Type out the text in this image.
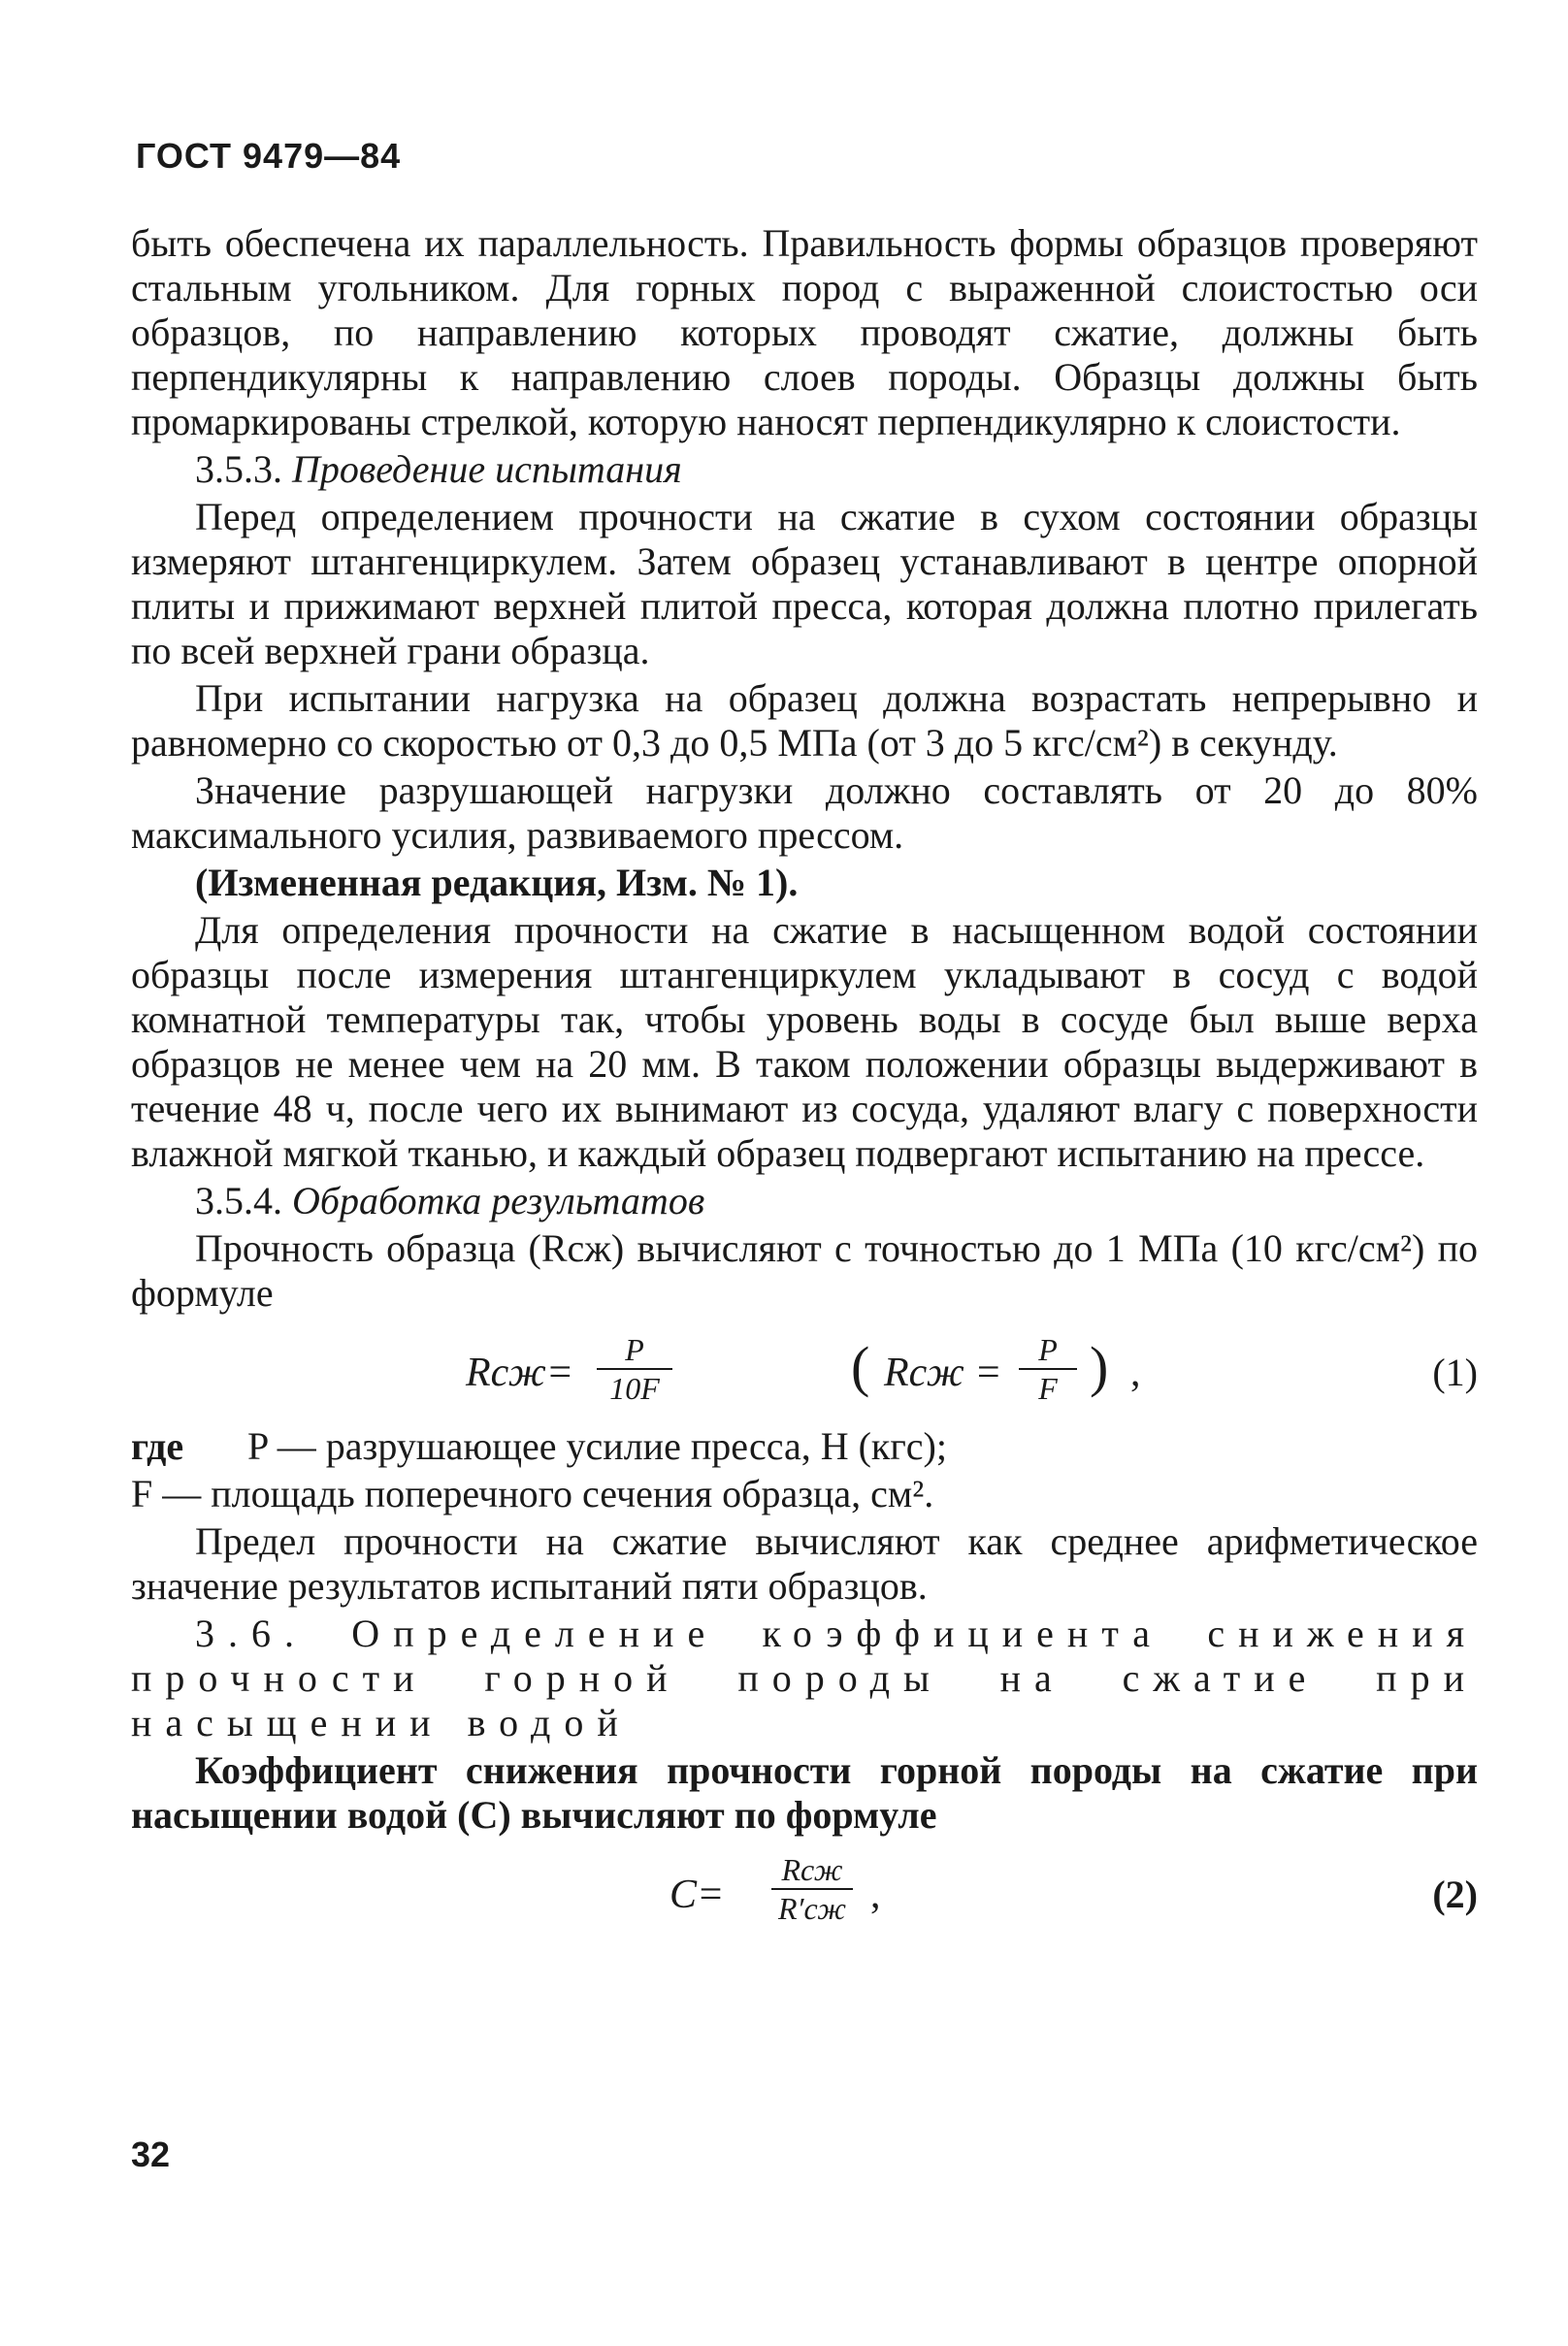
ГОСТ 9479—84

быть обеспечена их параллельность. Правильность формы образцов проверяют стальным угольником. Для горных пород с выраженной слоистостью оси образцов, по направлению которых проводят сжатие, должны быть перпендикулярны к направлению слоев породы. Образцы должны быть промаркированы стрелкой, которую наносят перпендикулярно к слоистости.

3.5.3. Проведение испытания

Перед определением прочности на сжатие в сухом состоянии образцы измеряют штангенциркулем. Затем образец устанавливают в центре опорной плиты и прижимают верхней плитой пресса, которая должна плотно прилегать по всей верхней грани образца.

При испытании нагрузка на образец должна возрастать непрерывно и равномерно со скоростью от 0,3 до 0,5 МПа (от 3 до 5 кгс/см²) в секунду.

Значение разрушающей нагрузки должно составлять от 20 до 80% максимального усилия, развиваемого прессом.

(Измененная редакция, Изм. № 1).

Для определения прочности на сжатие в насыщенном водой состоянии образцы после измерения штангенциркулем укладывают в сосуд с водой комнатной температуры так, чтобы уровень воды в сосуде был выше верха образцов не менее чем на 20 мм. В таком положении образцы выдерживают в течение 48 ч, после чего их вынимают из сосуда, удаляют влагу с поверхности влажной мягкой тканью, и каждый образец подвергают испытанию на прессе.

3.5.4. Обработка результатов

Прочность образца (Rсж) вычисляют с точностью до 1 МПа (10 кгс/см²) по формуле

Rсж=
P
10F	( Rсж =
P
F ) ,	(1)

где P — разрушающее усилие пресса, Н (кгс);

F — площадь поперечного сечения образца, см².

Предел прочности на сжатие вычисляют как среднее арифметическое значение результатов испытаний пяти образцов.

3.6. Определение коэффициента снижения прочности горной породы на сжатие при насыщении водой

Коэффициент снижения прочности горной породы на сжатие при насыщении водой (C) вычисляют по формуле

C=
Rсж
R′сж ,	(2)
32
